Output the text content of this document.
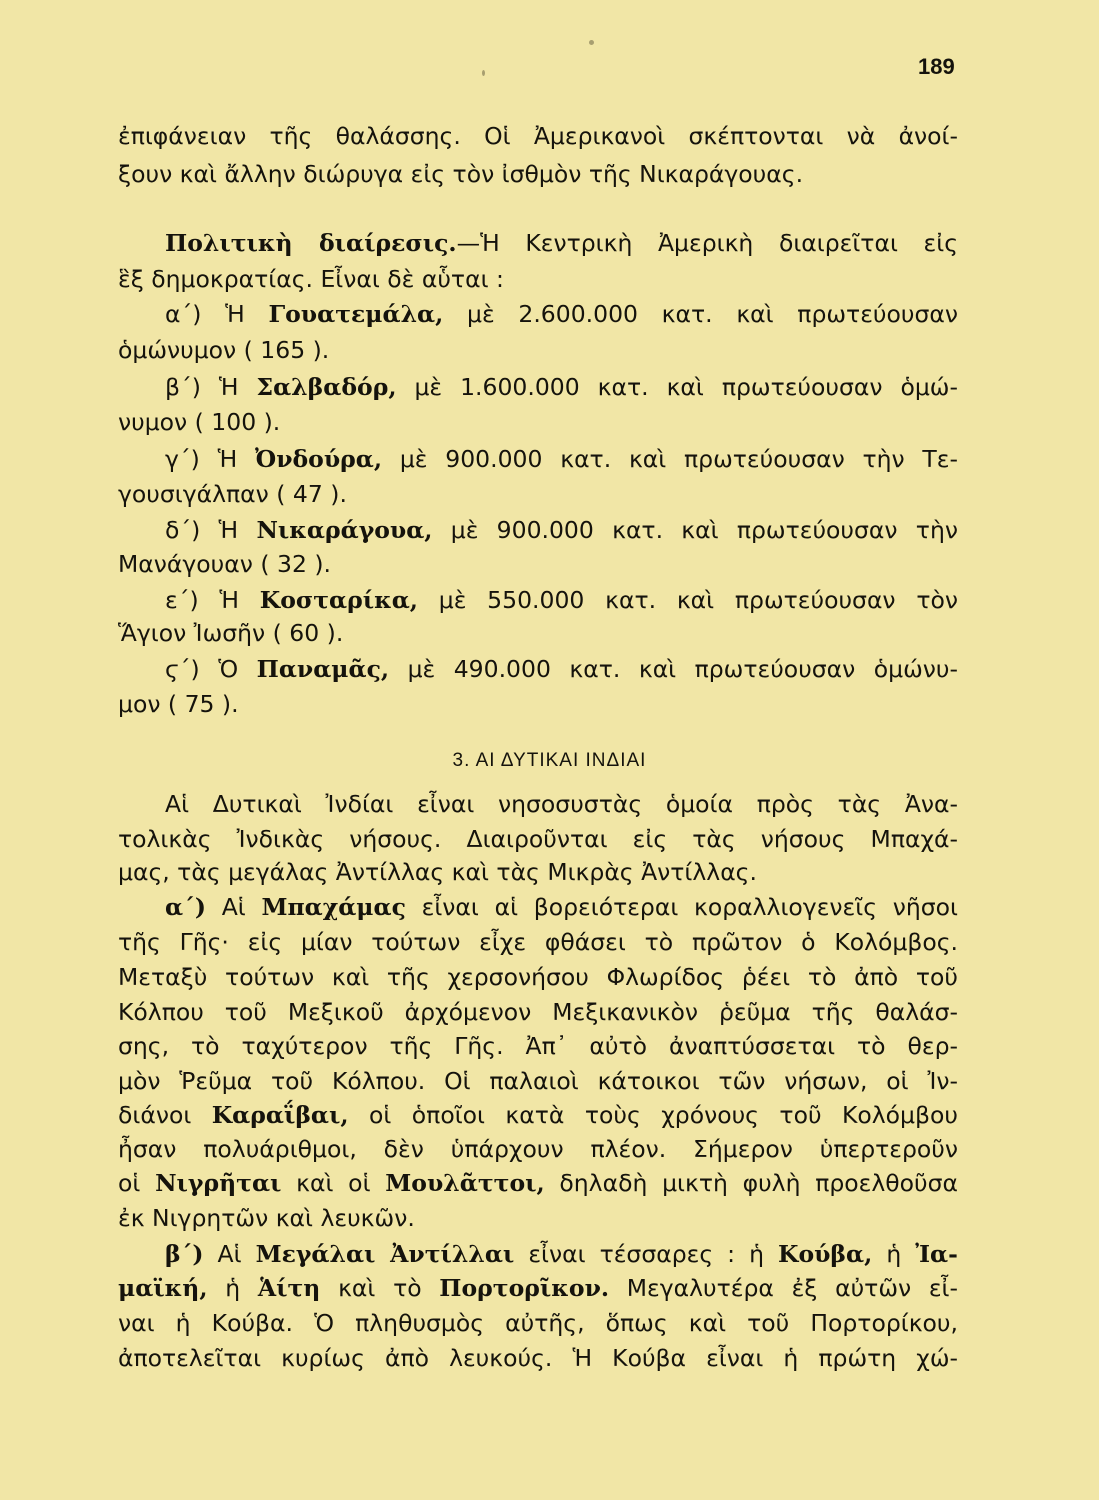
189
ἐπιφάνειαν τῆς θαλάσσης. Οἱ Ἀμερικανοὶ σκέπτονται νὰ ἀνοί-
ξουν καὶ ἄλλην διώρυγα εἰς τὸν ἰσθμὸν τῆς Νικαράγουας.
Πολιτικὴ διαίρεσις.—Ἡ Κεντρικὴ Ἀμερικὴ διαιρεῖται εἰς
ἓξ δημοκρατίας. Εἶναι δὲ αὗται :
α΄) Ἡ Γουατεμάλα, μὲ 2.600.000 κατ. καὶ πρωτεύουσαν
ὁμώνυμον ( 165 ).
β΄) Ἡ Σαλβαδόρ, μὲ 1.600.000 κατ. καὶ πρωτεύουσαν ὁμώ-
νυμον ( 100 ).
γ΄) Ἡ Ὀνδούρα, μὲ 900.000 κατ. καὶ πρωτεύουσαν τὴν Τε-
γουσιγάλπαν ( 47 ).
δ΄) Ἡ Νικαράγουα, μὲ 900.000 κατ. καὶ πρωτεύουσαν τὴν
Μανάγουαν ( 32 ).
ε΄) Ἡ Κοσταρίκα, μὲ 550.000 κατ. καὶ πρωτεύουσαν τὸν
Ἅγιον Ἰωσῆν ( 60 ).
ϛ΄) Ὁ Παναμᾶς, μὲ 490.000 κατ. καὶ πρωτεύουσαν ὁμώνυ-
μον ( 75 ).
3. ΑΙ ΔΥΤΙΚΑΙ ΙΝΔΙΑΙ
Αἱ Δυτικαὶ Ἰνδίαι εἶναι νησοσυστὰς ὁμοία πρὸς τὰς Ἀνα-
τολικὰς Ἰνδικὰς νήσους. Διαιροῦνται εἰς τὰς νήσους Μπαχά-
μας, τὰς μεγάλας Ἀντίλλας καὶ τὰς Μικρὰς Ἀντίλλας.
α΄) Αἱ Μπαχάμας εἶναι αἱ βορειότεραι κοραλλιογενεῖς νῆσοι
τῆς Γῆς· εἰς μίαν τούτων εἶχε φθάσει τὸ πρῶτον ὁ Κολόμβος.
Μεταξὺ τούτων καὶ τῆς χερσονήσου Φλωρίδος ῥέει τὸ ἀπὸ τοῦ
Κόλπου τοῦ Μεξικοῦ ἀρχόμενον Μεξικανικὸν ῥεῦμα τῆς θαλάσ-
σης, τὸ ταχύτερον τῆς Γῆς. Ἀπ᾽ αὐτὸ ἀναπτύσσεται τὸ θερ-
μὸν Ῥεῦμα τοῦ Κόλπου. Οἱ παλαιοὶ κάτοικοι τῶν νήσων, οἱ Ἰν-
διάνοι Καραΐβαι, οἱ ὁποῖοι κατὰ τοὺς χρόνους τοῦ Κολόμβου
ἦσαν πολυάριθμοι, δὲν ὑπάρχουν πλέον. Σήμερον ὑπερτεροῦν
οἱ Νιγρῆται καὶ οἱ Μουλᾶττοι, δηλαδὴ μικτὴ φυλὴ προελθοῦσα
ἐκ Νιγρητῶν καὶ λευκῶν.
β΄) Αἱ Μεγάλαι Ἀντίλλαι εἶναι τέσσαρες : ἡ Κούβα, ἡ Ἰα-
μαϊκή, ἡ Ἁίτη καὶ τὸ Πορτορῖκον. Μεγαλυτέρα ἐξ αὐτῶν εἶ-
ναι ἡ Κούβα. Ὁ πληθυσμὸς αὐτῆς, ὅπως καὶ τοῦ Πορτορίκου,
ἀποτελεῖται κυρίως ἀπὸ λευκούς. Ἡ Κούβα εἶναι ἡ πρώτη χώ-
